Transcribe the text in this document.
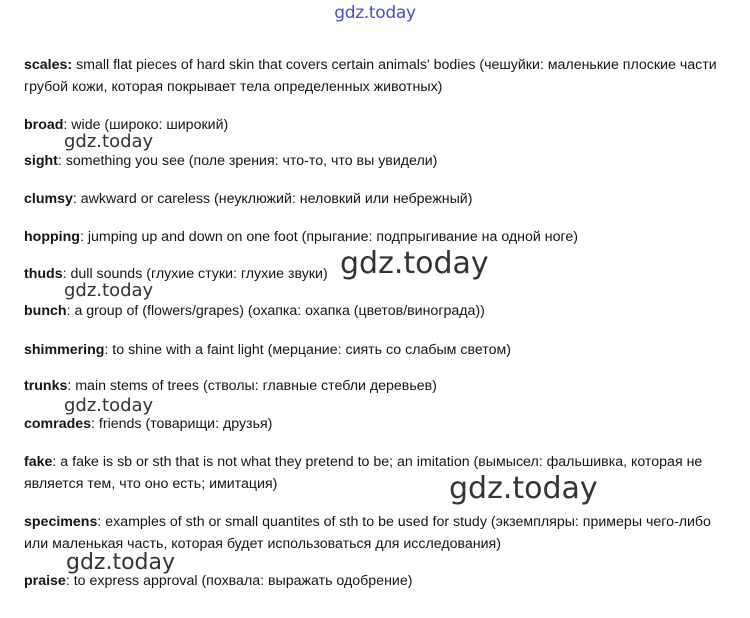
gdz.today
scales: small flat pieces of hard skin that covers certain animals' bodies (чешуйки: маленькие плоские части грубой кожи, которая покрывает тела определенных животных)
broad: wide (широко: широкий)
sight: something you see (поле зрения: что-то, что вы увидели)
clumsy: awkward or careless (неуклюжий: неловкий или небрежный)
hopping: jumping up and down on one foot (прыгание: подпрыгивание на одной ноге)
thuds: dull sounds (глухие стуки: глухие звуки)
bunch: a group of (flowers/grapes) (охапка: охапка (цветов/винограда))
shimmering: to shine with a faint light (мерцание: сиять со слабым светом)
trunks: main stems of trees (стволы: главные стебли деревьев)
comrades: friends (товарищи: друзья)
fake: a fake is sb or sth that is not what they pretend to be; an imitation (вымысел: фальшивка, которая не является тем, что оно есть; имитация)
specimens: examples of sth or small quantites of sth to be used for study (экземпляры: примеры чего-либо или маленькая часть, которая будет использоваться для исследования)
praise: to express approval (похвала: выражать одобрение)
gdz.today
gdz.today
gdz.today
gdz.today
gdz.today
gdz.today
